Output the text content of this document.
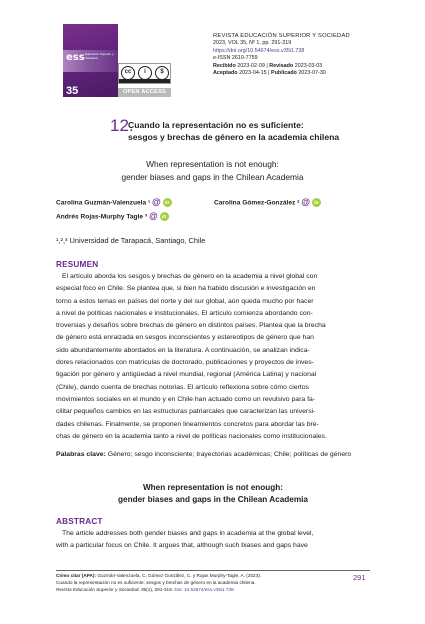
ess Educación Superior y Sociedad
35
cc	i	$
OPEN ACCESS
REVISTA EDUCACIÓN SUPERIOR Y SOCIEDAD
2023, VOL 35, Nº 1, pp. 291-319
https://doi.org/10.54674/ess.v35i1.738
e-ISSN 2610-7759
Recibido 2023-02-09 | Revisado 2023-03-03
Aceptado 2023-04-15 | Publicado 2023-07-30
12.
Cuando la representación no es suficiente:
sesgos y brechas de género en la academia chilena
When representation is not enough:
gender biases and gaps in the Chilean Academia
Carolina Guzmán-Valenzuela ¹ @ iD	Carolina Gómez-González ² @ iD
Andrés Rojas-Murphy Tagle ³ @ iD
¹,²,³ Universidad de Tarapacá, Santiago, Chile
RESUMEN
El artículo aborda los sesgos y brechas de género en la academia a nivel global con
especial foco en Chile. Se plantea que, si bien ha habido discusión e investigación en
torno a estos temas en países del norte y del sur global, aún queda mucho por hacer
a nivel de políticas nacionales e institucionales. El artículo comienza abordando con-
troversias y desafíos sobre brechas de género en distintos países. Plantea que la brecha
de género está enraizada en sesgos inconscientes y estereotipos de género que han
sido abundantemente abordados en la literatura. A continuación, se analizan indica-
dores relacionados con matrículas de doctorado, publicaciones y proyectos de inves-
tigación por género y antigüedad a nivel mundial, regional (América Latina) y nacional
(Chile), dando cuenta de brechas notorias. El artículo reflexiona sobre cómo ciertos
movimientos sociales en el mundo y en Chile han actuado como un revulsivo para fa-
cilitar pequeños cambios en las estructuras patriarcales que caracterizan las universi-
dades chilenas. Finalmente, se proponen lineamientos concretos para abordar las bre-
chas de género en la academia tanto a nivel de políticas nacionales como institucionales.
Palabras clave: Género; sesgo inconsciente; trayectorias académicas; Chile; políticas de género
When representation is not enough:
gender biases and gaps in the Chilean Academia
ABSTRACT
The article addresses both gender biases and gaps in academia at the global level,
with a particular focus on Chile. It argues that, although such biases and gaps have
Cómo citar (APA): Guzmán-Valenzuela, C, Gómez González, C. y Rojas Murphy-Tagle, A. (2023).
Cuando la representación no es suficiente: sesgos y brechas de género en la academia chilena.
Revista Educación Superior y Sociedad, 35(1), 291-319. Doi: 10.54674/ess.v35i1.738
291
